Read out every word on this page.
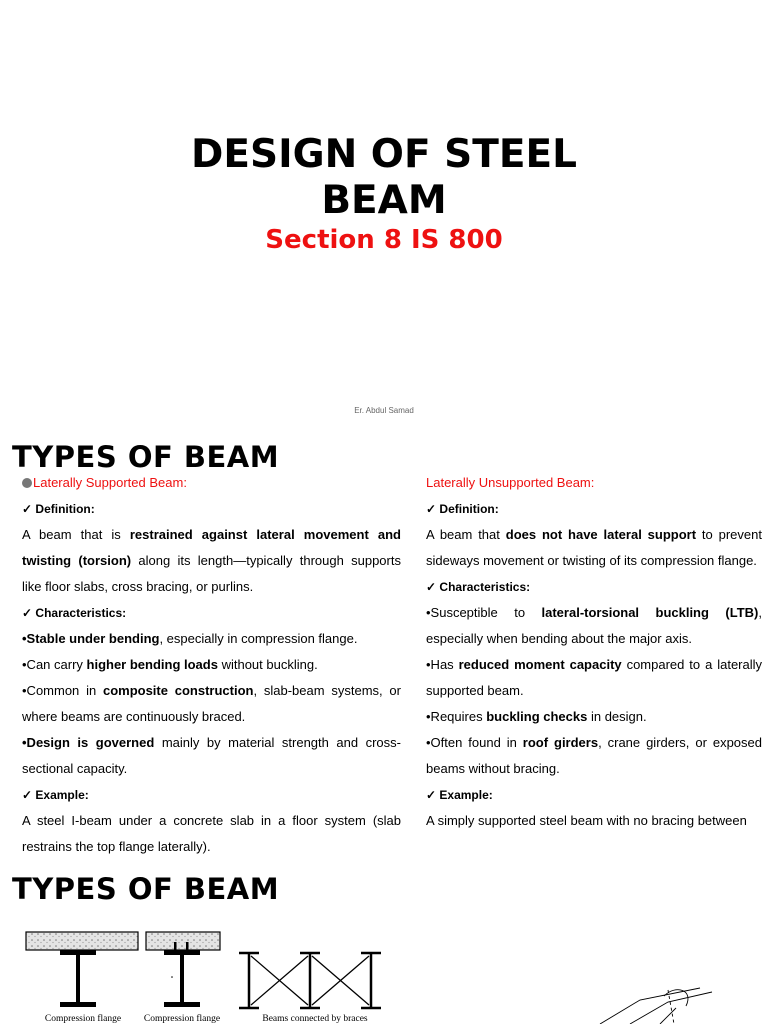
DESIGN OF STEEL
BEAM
Section 8 IS 800
Er. Abdul Samad
TYPES OF BEAM

Laterally Supported Beam:

✓ Definition:

A beam that is restrained against lateral movement and twisting (torsion) along its length—typically through supports like floor slabs, cross bracing, or purlins.

✓ Characteristics:

•Stable under bending, especially in compression flange.

•Can carry higher bending loads without buckling.

•Common in composite construction, slab-beam systems, or where beams are continuously braced.

•Design is governed mainly by material strength and cross-sectional capacity.

✓ Example:

A steel I-beam under a concrete slab in a floor system (slab restrains the top flange laterally).

Laterally Unsupported Beam:

✓ Definition:

A beam that does not have lateral support to prevent sideways movement or twisting of its compression flange.

✓ Characteristics:

•Susceptible to lateral-torsional buckling (LTB), especially when bending about the major axis.

•Has reduced moment capacity compared to a laterally supported beam.

•Requires buckling checks in design.

•Often found in roof girders, crane girders, or exposed beams without bracing.

✓ Example:

A simply supported steel beam with no bracing between

TYPES OF BEAM
Compression flange Compression flange	Beams connected by braces
